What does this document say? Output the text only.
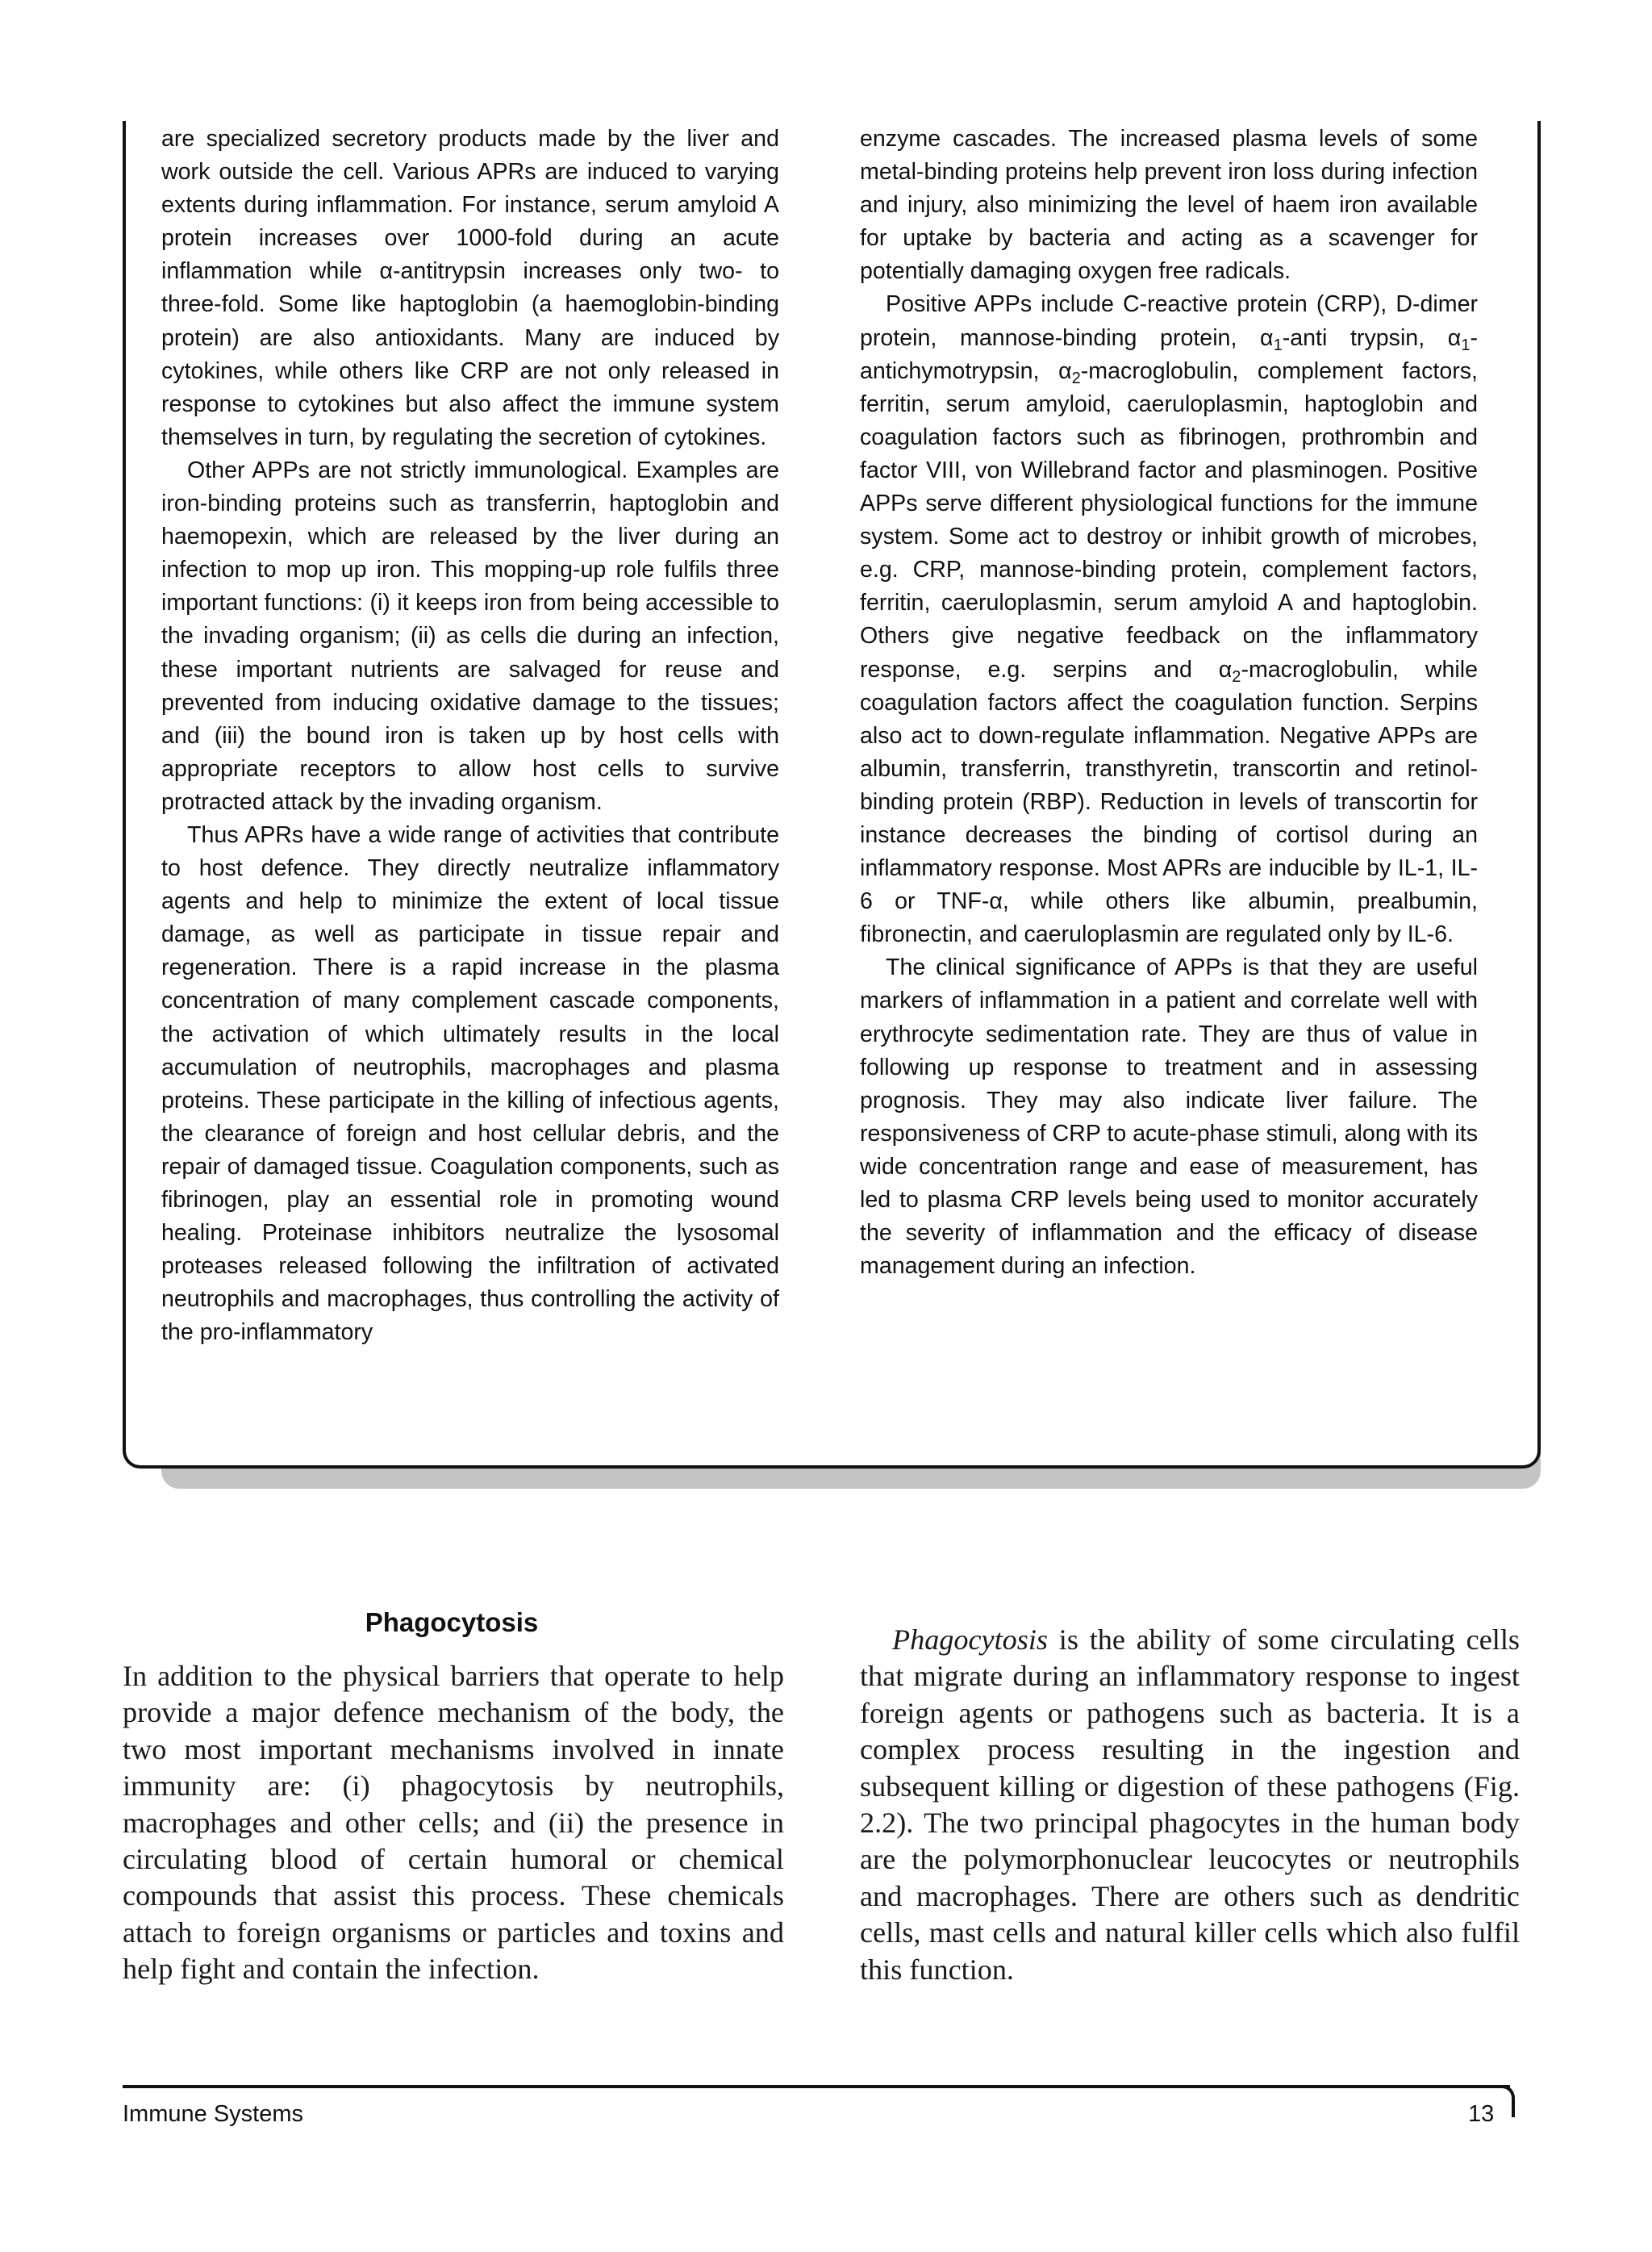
are specialized secretory products made by the liver and work outside the cell. Various APRs are induced to varying extents during inflammation. For instance, serum amyloid A protein increases over 1000-fold during an acute inflammation while α-antitrypsin increases only two- to three-fold. Some like haptoglobin (a haemoglobin-binding protein) are also antioxidants. Many are induced by cytokines, while others like CRP are not only released in response to cytokines but also affect the immune system themselves in turn, by regulating the secretion of cytokines.

Other APPs are not strictly immunological. Examples are iron-binding proteins such as transferrin, haptoglobin and haemopexin, which are released by the liver during an infection to mop up iron. This mopping-up role fulfils three important functions: (i) it keeps iron from being accessible to the invading organism; (ii) as cells die during an infection, these important nutrients are salvaged for reuse and prevented from inducing oxidative damage to the tissues; and (iii) the bound iron is taken up by host cells with appropriate receptors to allow host cells to survive protracted attack by the invading organism.

Thus APRs have a wide range of activities that contribute to host defence. They directly neutralize inflammatory agents and help to minimize the extent of local tissue damage, as well as participate in tissue repair and regeneration. There is a rapid increase in the plasma concentration of many complement cascade components, the activation of which ultimately results in the local accumulation of neutrophils, macrophages and plasma proteins. These participate in the killing of infectious agents, the clearance of foreign and host cellular debris, and the repair of damaged tissue. Coagulation components, such as fibrinogen, play an essential role in promoting wound healing. Proteinase inhibitors neutralize the lysosomal proteases released following the infiltration of activated neutrophils and macrophages, thus controlling the activity of the pro-inflammatory

enzyme cascades. The increased plasma levels of some metal-binding proteins help prevent iron loss during infection and injury, also minimizing the level of haem iron available for uptake by bacteria and acting as a scavenger for potentially damaging oxygen free radicals.

Positive APPs include C-reactive protein (CRP), D-dimer protein, mannose-binding protein, $\alpha_1$-anti trypsin, $\alpha_1$-antichymotrypsin, $\alpha_2$-macroglobulin, complement factors, ferritin, serum amyloid, caeruloplasmin, haptoglobin and coagulation factors such as fibrinogen, prothrombin and factor VIII, von Willebrand factor and plasminogen. Positive APPs serve different physiological functions for the immune system. Some act to destroy or inhibit growth of microbes, e.g. CRP, mannose-binding protein, complement factors, ferritin, caeruloplasmin, serum amyloid A and haptoglobin. Others give negative feedback on the inflammatory response, e.g. serpins and $\alpha_2$-macroglobulin, while coagulation factors affect the coagulation function. Serpins also act to down-regulate inflammation. Negative APPs are albumin, transferrin, transthyretin, transcortin and retinol-binding protein (RBP). Reduction in levels of transcortin for instance decreases the binding of cortisol during an inflammatory response. Most APRs are inducible by IL-1, IL-6 or TNF-α, while others like albumin, prealbumin, fibronectin, and caeruloplasmin are regulated only by IL-6.

The clinical significance of APPs is that they are useful markers of inflammation in a patient and correlate well with erythrocyte sedimentation rate. They are thus of value in following up response to treatment and in assessing prognosis. They may also indicate liver failure. The responsiveness of CRP to acute-phase stimuli, along with its wide concentration range and ease of measurement, has led to plasma CRP levels being used to monitor accurately the severity of inflammation and the efficacy of disease management during an infection.

Phagocytosis

In addition to the physical barriers that operate to help provide a major defence mechanism of the body, the two most important mechanisms involved in innate immunity are: (i) phagocytosis by neutrophils, macrophages and other cells; and (ii) the presence in circulating blood of certain humoral or chemical compounds that assist this process. These chemicals attach to foreign organisms or particles and toxins and help fight and contain the infection.

Phagocytosis is the ability of some circulating cells that migrate during an inflammatory response to ingest foreign agents or pathogens such as bacteria. It is a complex process resulting in the ingestion and subsequent killing or digestion of these pathogens (Fig. 2.2). The two principal phagocytes in the human body are the polymorphonuclear leucocytes or neutrophils and macrophages. There are others such as dendritic cells, mast cells and natural killer cells which also fulfil this function.

Immune Systems	13
